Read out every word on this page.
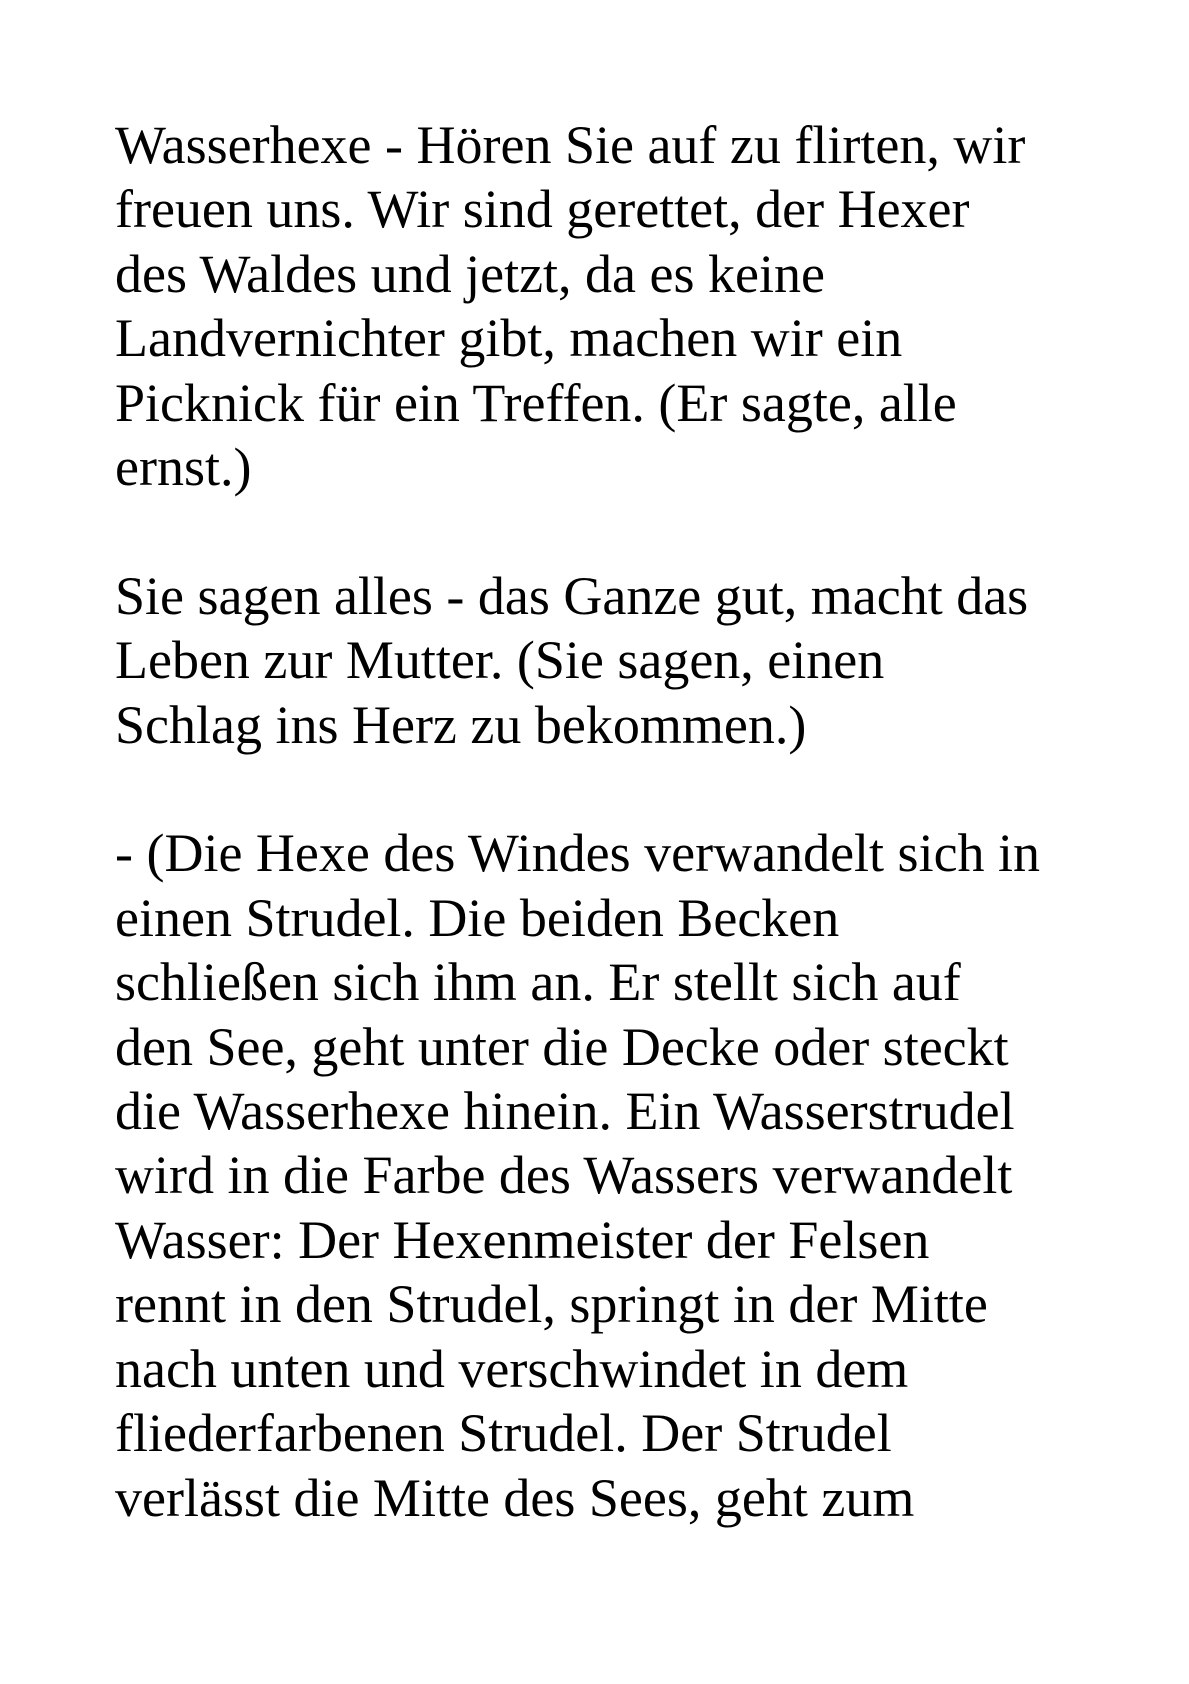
Wasserhexe - Hören Sie auf zu flirten, wir
freuen uns. Wir sind gerettet, der Hexer
des Waldes und jetzt, da es keine
Landvernichter gibt, machen wir ein
Picknick für ein Treffen. (Er sagte, alle
ernst.)
Sie sagen alles - das Ganze gut, macht das
Leben zur Mutter. (Sie sagen, einen
Schlag ins Herz zu bekommen.)
- (Die Hexe des Windes verwandelt sich in
einen Strudel. Die beiden Becken
schließen sich ihm an. Er stellt sich auf
den See, geht unter die Decke oder steckt
die Wasserhexe hinein. Ein Wasserstrudel
wird in die Farbe des Wassers verwandelt
Wasser: Der Hexenmeister der Felsen
rennt in den Strudel, springt in der Mitte
nach unten und verschwindet in dem
fliederfarbenen Strudel. Der Strudel
verlässt die Mitte des Sees, geht zum
